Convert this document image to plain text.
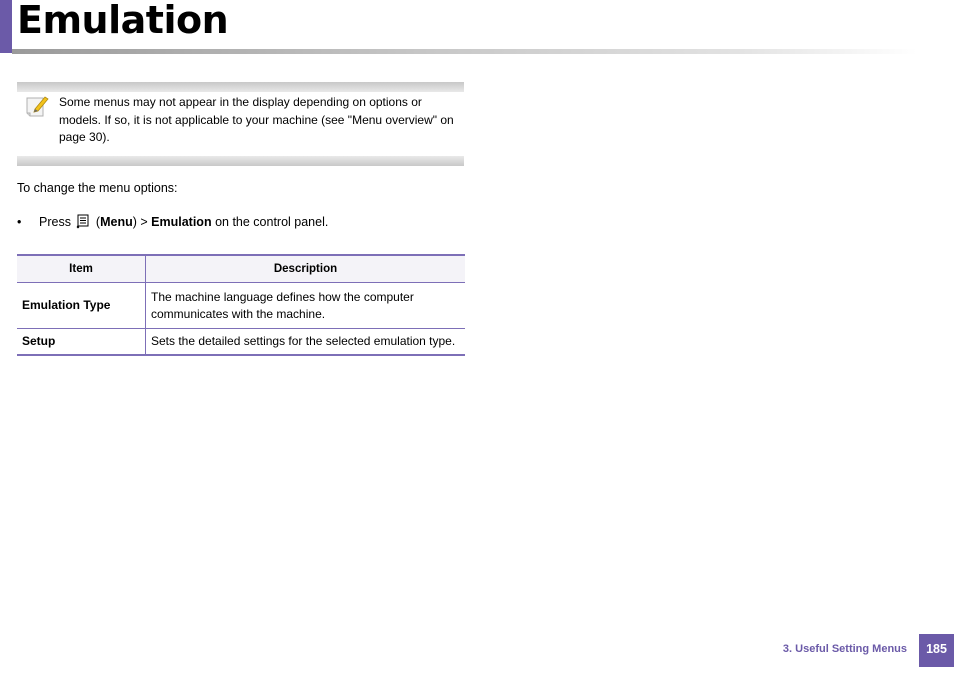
Emulation

Some menus may not appear in the display depending on options or
models. If so, it is not applicable to your machine (see "Menu overview" on
page 30).

To change the menu options:

• Press (Menu) > Emulation on the control panel.
Item	Description
Emulation Type	The machine language defines how the computer
communicates with the machine.
Setup	Sets the detailed settings for the selected emulation type.
3. Useful Setting Menus	185
